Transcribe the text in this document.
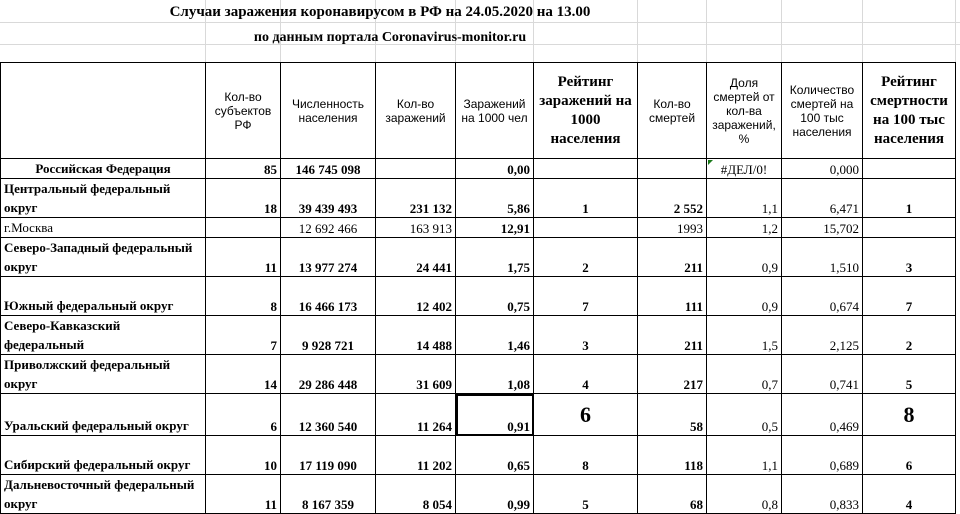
Случаи заражения коронавирусом в РФ на 24.05.2020 на 13.00
по данным портала Coronavirus-monitor.ru
	Кол-во субъектов РФ	Численность населения	Кол-во заражений	Заражений на 1000 чел	Рейтинг заражений на 1000 населения	Кол-во смертей	Доля смертей от кол-ва заражений, %	Количество смертей на 100 тыс населения	Рейтинг смертности на 100 тыс населения
Российская Федерация	85	146 745 098		0,00			#ДЕЛ/0!	0,000	
Центральный федеральный округ	18	39 439 493	231 132	5,86	1	2 552	1,1	6,471	1
г.Москва		12 692 466	163 913	12,91		1993	1,2	15,702	
Северо-Западный федеральный округ	11	13 977 274	24 441	1,75	2	211	0,9	1,510	3
Южный федеральный округ	8	16 466 173	12 402	0,75	7	111	0,9	0,674	7
Северо-Кавказский федеральный	7	9 928 721	14 488	1,46	3	211	1,5	2,125	2
Приволжский федеральный округ	14	29 286 448	31 609	1,08	4	217	0,7	0,741	5
Уральский федеральный округ	6	12 360 540	11 264	0,91	6	58	0,5	0,469	8
Сибирский федеральный округ	10	17 119 090	11 202	0,65	8	118	1,1	0,689	6
Дальневосточный федеральный округ	11	8 167 359	8 054	0,99	5	68	0,8	0,833	4
